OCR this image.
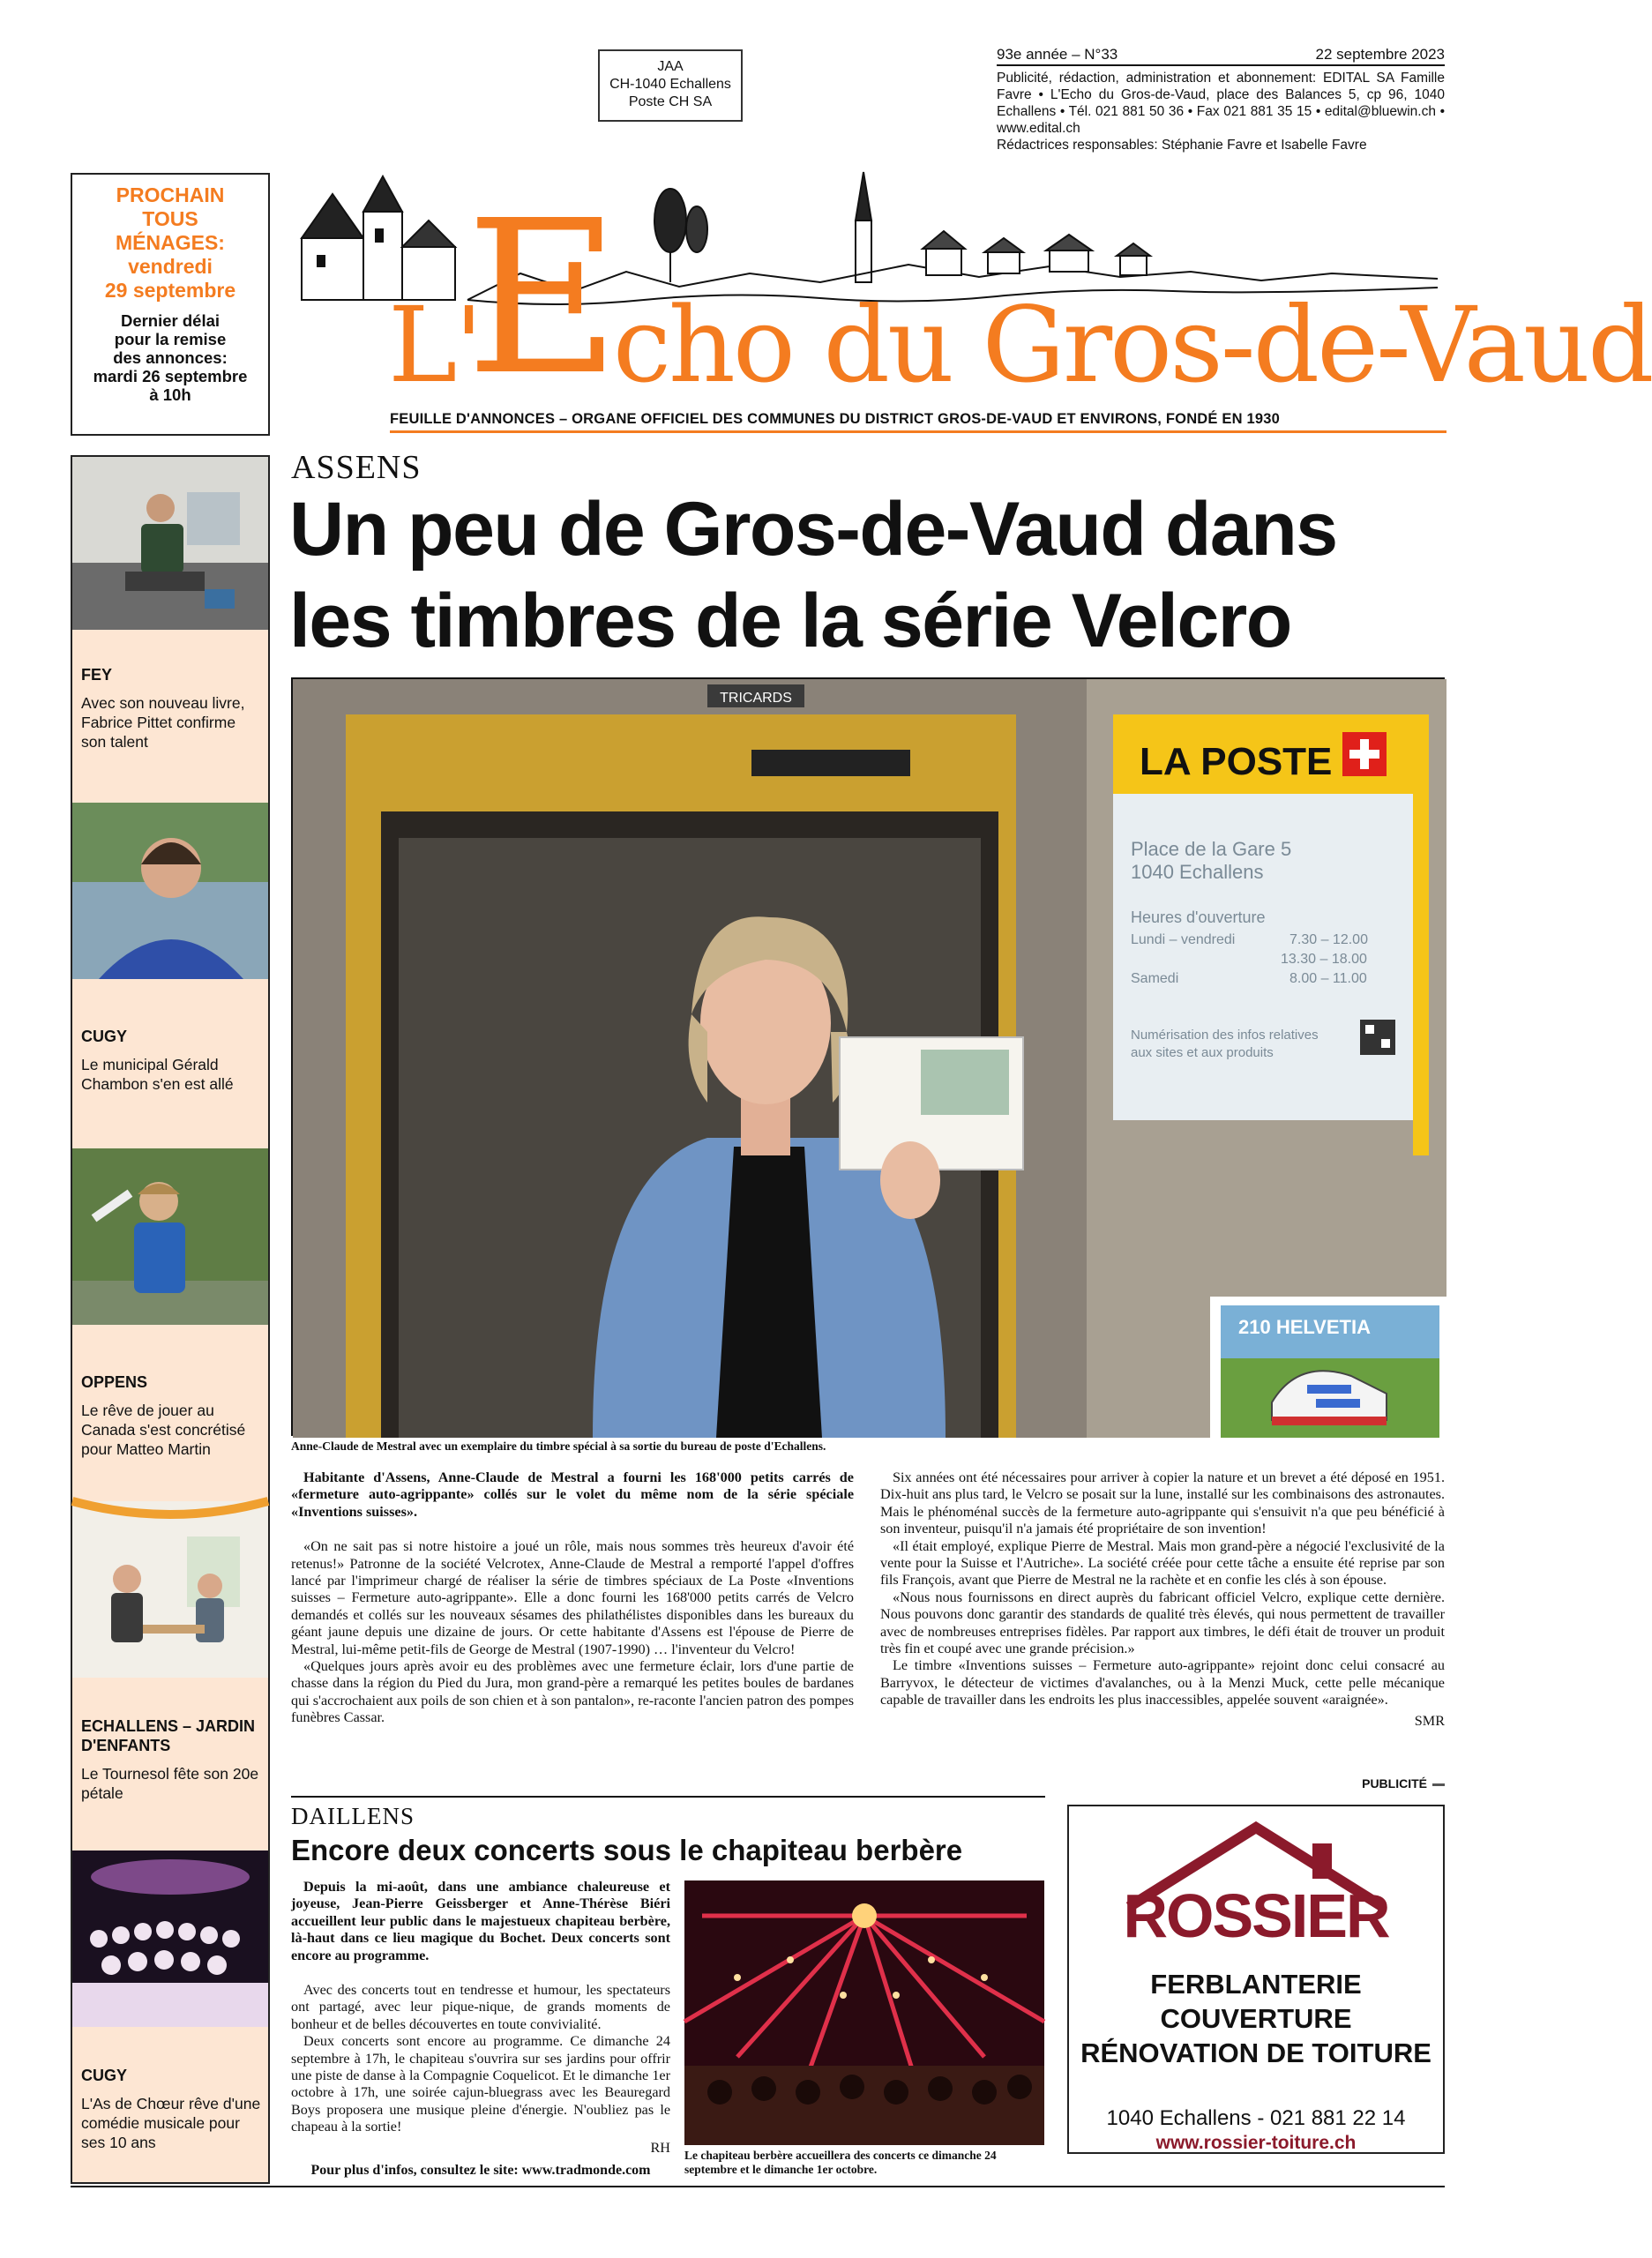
JAA
CH-1040 Echallens
Poste CH SA
93e année – N°33	22 septembre 2023
Publicité, rédaction, administration et abonnement: EDITAL SA Famille Favre • L'Echo du Gros-de-Vaud, place des Balances 5, cp 96, 1040 Echallens • Tél. 021 881 50 36 • Fax 021 881 35 15 • edital@bluewin.ch • www.edital.ch
Rédactrices responsables: Stéphanie Favre et Isabelle Favre
PROCHAIN
TOUS
MÉNAGES:
vendredi
29 septembre
Dernier délai
pour la remise
des annonces:
mardi 26 septembre
à 10h	E
L' cho du Gros-de-Vaud
FEUILLE D'ANNONCES – ORGANE OFFICIEL DES COMMUNES DU DISTRICT GROS-DE-VAUD ET ENVIRONS, FONDÉ EN 1930
FEY
Avec son nouveau livre, Fabrice Pittet confirme son talent
CUGY
Le municipal Gérald Chambon s'en est allé
OPPENS
Le rêve de jouer au Canada s'est concrétisé pour Matteo Martin
ECHALLENS – JARDIN D'ENFANTS
Le Tournesol fête son 20e pétale
CUGY
L'As de Chœur rêve d'une comédie musicale pour ses 10 ans
ASSENS
Un peu de Gros-de-Vaud dans les timbres de la série Velcro
TRICARDS
LA POSTE
Place de la Gare 5
1040 Echallens
Heures d'ouverture
Lundi – vendredi	7.30 – 12.00
13.30 – 18.00
Samedi	8.00 – 11.00
Numérisation des infos relatives
aux sites et aux produits
210 HELVETIA
Anne-Claude de Mestral avec un exemplaire du timbre spécial à sa sortie du bureau de poste d'Echallens.

Habitante d'Assens, Anne-Claude de Mestral a fourni les 168'000 petits carrés de «fermeture auto-agrippante» collés sur le volet du même nom de la série spéciale «Inventions suisses».

«On ne sait pas si notre histoire a joué un rôle, mais nous sommes très heureux d'avoir été retenus!» Patronne de la société Velcrotex, Anne-Claude de Mestral a remporté l'appel d'offres lancé par l'imprimeur chargé de réaliser la série de timbres spéciaux de La Poste «Inventions suisses – Fermeture auto-agrippante». Elle a donc fourni les 168'000 petits carrés de Velcro demandés et collés sur les nouveaux sésames des philathélistes disponibles dans les bureaux du géant jaune depuis une dizaine de jours. Or cette habitante d'Assens est l'épouse de Pierre de Mestral, lui-même petit-fils de George de Mestral (1907-1990) … l'inventeur du Velcro!

«Quelques jours après avoir eu des problèmes avec une fermeture éclair, lors d'une partie de chasse dans la région du Pied du Jura, mon grand-père a remarqué les petites boules de bardanes qui s'accrochaient aux poils de son chien et à son pantalon», re-raconte l'ancien patron des pompes funèbres Cassar.

Six années ont été nécessaires pour arriver à copier la nature et un brevet a été déposé en 1951. Dix-huit ans plus tard, le Velcro se posait sur la lune, installé sur les combinaisons des astronautes. Mais le phénoménal succès de la fermeture auto-agrippante qui s'ensuivit n'a que peu bénéficié à son inventeur, puisqu'il n'a jamais été propriétaire de son invention!

«Il était employé, explique Pierre de Mestral. Mais mon grand-père a négocié l'exclusivité de la vente pour la Suisse et l'Autriche». La société créée pour cette tâche a ensuite été reprise par son fils François, avant que Pierre de Mestral ne la rachète et en confie les clés à son épouse.

«Nous nous fournissons en direct auprès du fabricant officiel Velcro, explique cette dernière. Nous pouvons donc garantir des standards de qualité très élevés, qui nous permettent de travailler avec de nombreuses entreprises fidèles. Par rapport aux timbres, le défi était de trouver un produit très fin et coupé avec une grande précision.»

Le timbre «Inventions suisses – Fermeture auto-agrippante» rejoint donc celui consacré au Barryvox, le détecteur de victimes d'avalanches, ou à la Menzi Muck, cette pelle mécanique capable de travailler dans les endroits les plus inaccessibles, appelée souvent «araignée».

SMR
DAILLENS
Encore deux concerts sous le chapiteau berbère

Depuis la mi-août, dans une ambiance chaleureuse et joyeuse, Jean-Pierre Geissberger et Anne-Thérèse Biéri accueillent leur public dans le majestueux chapiteau berbère, là-haut dans ce lieu magique du Bochet. Deux concerts sont encore au programme.

Avec des concerts tout en tendresse et humour, les spectateurs ont partagé, avec leur pique-nique, de grands moments de bonheur et de belles découvertes en toute convivialité.

Deux concerts sont encore au programme. Ce dimanche 24 septembre à 17h, le chapiteau s'ouvrira sur ses jardins pour offrir une piste de danse à la Compagnie Coquelicot. Et le dimanche 1er octobre à 17h, une soirée cajun-bluegrass avec les Beauregard Boys proposera une musique pleine d'énergie. N'oubliez pas le chapeau à la sortie!

RH Le chapiteau berbère accueillera des concerts ce dimanche 24 septembre et le dimanche 1er octobre.
Pour plus d'infos, consultez le site: www.tradmonde.com
PUBLICITÉ
ROSSIER
FERBLANTERIE
COUVERTURE
RÉNOVATION DE TOITURE
1040 Echallens - 021 881 22 14
www.rossier-toiture.ch
